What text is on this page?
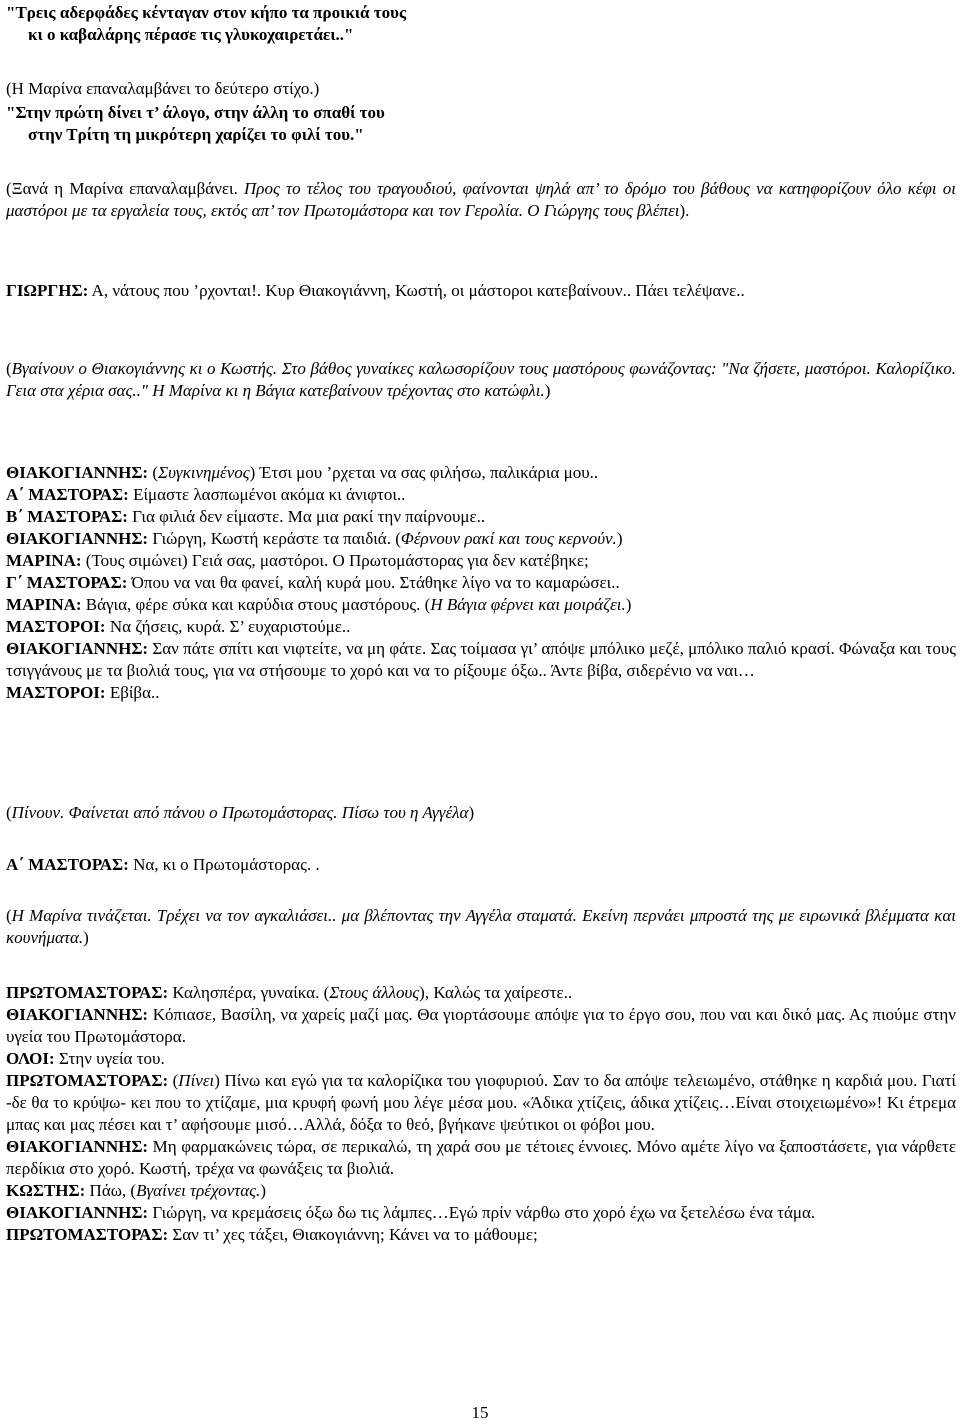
"Τρεις αδερφάδες κένταγαν στον κήπο τα προικιά τους
κι ο καβαλάρης πέρασε τις γλυκοχαιρετάει.."
(Η Μαρίνα επαναλαμβάνει το δεύτερο στίχο.)
"Στην πρώτη δίνει τ’ άλογο, στην άλλη το σπαθί του
στην Τρίτη τη μικρότερη χαρίζει το φιλί του."
(Ξανά η Μαρίνα επαναλαμβάνει. Προς το τέλος του τραγουδιού, φαίνονται ψηλά απ’ το δρόμο του βάθους να κατηφορίζουν όλο κέφι οι μαστόροι με τα εργαλεία τους, εκτός απ’ τον Πρωτομάστορα και τον Γερολία. Ο Γιώργης τους βλέπει).
ΓΙΩΡΓΗΣ: Α, νάτους που ’ρχονται!. Κυρ Θιακογιάννη, Κωστή, οι μάστοροι κατεβαίνουν.. Πάει τελέψανε..
(Βγαίνουν ο Θιακογιάννης κι ο Κωστής. Στο βάθος γυναίκες καλωσορίζουν τους μαστόρους φωνάζοντας: "Να ζήσετε, μαστόροι. Καλορίζικο. Γεια στα χέρια σας.." Η Μαρίνα κι η Βάγια κατεβαίνουν τρέχοντας στο κατώφλι.)
ΘΙΑΚΟΓΙΑΝΝΗΣ: (Συγκινημένος) Έτσι μου ’ρχεται να σας φιλήσω, παλικάρια μου..
Α΄ ΜΑΣΤΟΡΑΣ: Είμαστε λασπωμένοι ακόμα κι άνιφτοι..
Β΄ ΜΑΣΤΟΡΑΣ: Για φιλιά δεν είμαστε. Μα μια ρακί την παίρνουμε..
ΘΙΑΚΟΓΙΑΝΝΗΣ: Γιώργη, Κωστή κεράστε τα παιδιά. (Φέρνουν ρακί και τους κερνούν.)
ΜΑΡΙΝΑ: (Τους σιμώνει) Γειά σας, μαστόροι. Ο Πρωτομάστορας για δεν κατέβηκε;
Γ΄ ΜΑΣΤΟΡΑΣ: Όπου να ναι θα φανεί, καλή κυρά μου. Στάθηκε λίγο να το καμαρώσει..
ΜΑΡΙΝΑ: Βάγια, φέρε σύκα και καρύδια στους μαστόρους. (Η Βάγια φέρνει και μοιράζει.)
ΜΑΣΤΟΡΟΙ: Να ζήσεις, κυρά. Σ’ ευχαριστούμε..
ΘΙΑΚΟΓΙΑΝΝΗΣ: Σαν πάτε σπίτι και νιφτείτε, να μη φάτε. Σας τοίμασα γι’ απόψε μπόλικο μεζέ, μπόλικο παλιό κρασί. Φώναξα και τους τσιγγάνους με τα βιολιά τους, για να στήσουμε το χορό και να το ρίξουμε όξω.. Άντε βίβα, σιδερένιο να ναι…
ΜΑΣΤΟΡΟΙ: Εβίβα..
(Πίνουν. Φαίνεται από πάνου ο Πρωτομάστορας. Πίσω του η Αγγέλα)
Α΄ ΜΑΣΤΟΡΑΣ: Να, κι ο Πρωτομάστορας. .
(Η Μαρίνα τινάζεται. Τρέχει να τον αγκαλιάσει.. μα βλέποντας την Αγγέλα σταματά. Εκείνη περνάει μπροστά της με ειρωνικά βλέμματα και κουνήματα.)
ΠΡΩΤΟΜΑΣΤΟΡΑΣ: Καλησπέρα, γυναίκα. (Στους άλλους), Καλώς τα χαίρεστε..
ΘΙΑΚΟΓΙΑΝΝΗΣ: Κόπιασε, Βασίλη, να χαρείς μαζί μας. Θα γιορτάσουμε απόψε για το έργο σου, που ναι και δικό μας. Ας πιούμε στην υγεία του Πρωτομάστορα.
ΟΛΟΙ: Στην υγεία του.
ΠΡΩΤΟΜΑΣΤΟΡΑΣ: (Πίνει) Πίνω και εγώ για τα καλορίζικα του γιοφυριού. Σαν το δα απόψε τελειωμένο, στάθηκε η καρδιά μου. Γιατί -δε θα το κρύψω- κει που το χτίζαμε, μια κρυφή φωνή μου λέγε μέσα μου. «Άδικα χτίζεις, άδικα χτίζεις…Είναι στοιχειωμένο»! Κι έτρεμα μπας και μας πέσει και τ’ αφήσουμε μισό…Αλλά, δόξα το θεό, βγήκανε ψεύτικοι οι φόβοι μου.
ΘΙΑΚΟΓΙΑΝΝΗΣ: Μη φαρμακώνεις τώρα, σε περικαλώ, τη χαρά σου με τέτοιες έννοιες. Μόνο αμέτε λίγο να ξαποστάσετε, για νάρθετε περδίκια στο χορό. Κωστή, τρέχα να φωνάξεις τα βιολιά.
ΚΩΣΤΗΣ: Πάω, (Βγαίνει τρέχοντας.)
ΘΙΑΚΟΓΙΑΝΝΗΣ: Γιώργη, να κρεμάσεις όξω δω τις λάμπες…Εγώ πρίν νάρθω στο χορό έχω να ξετελέσω ένα τάμα.
ΠΡΩΤΟΜΑΣΤΟΡΑΣ: Σαν τι’ χες τάξει, Θιακογιάννη; Κάνει να το μάθουμε;
15
